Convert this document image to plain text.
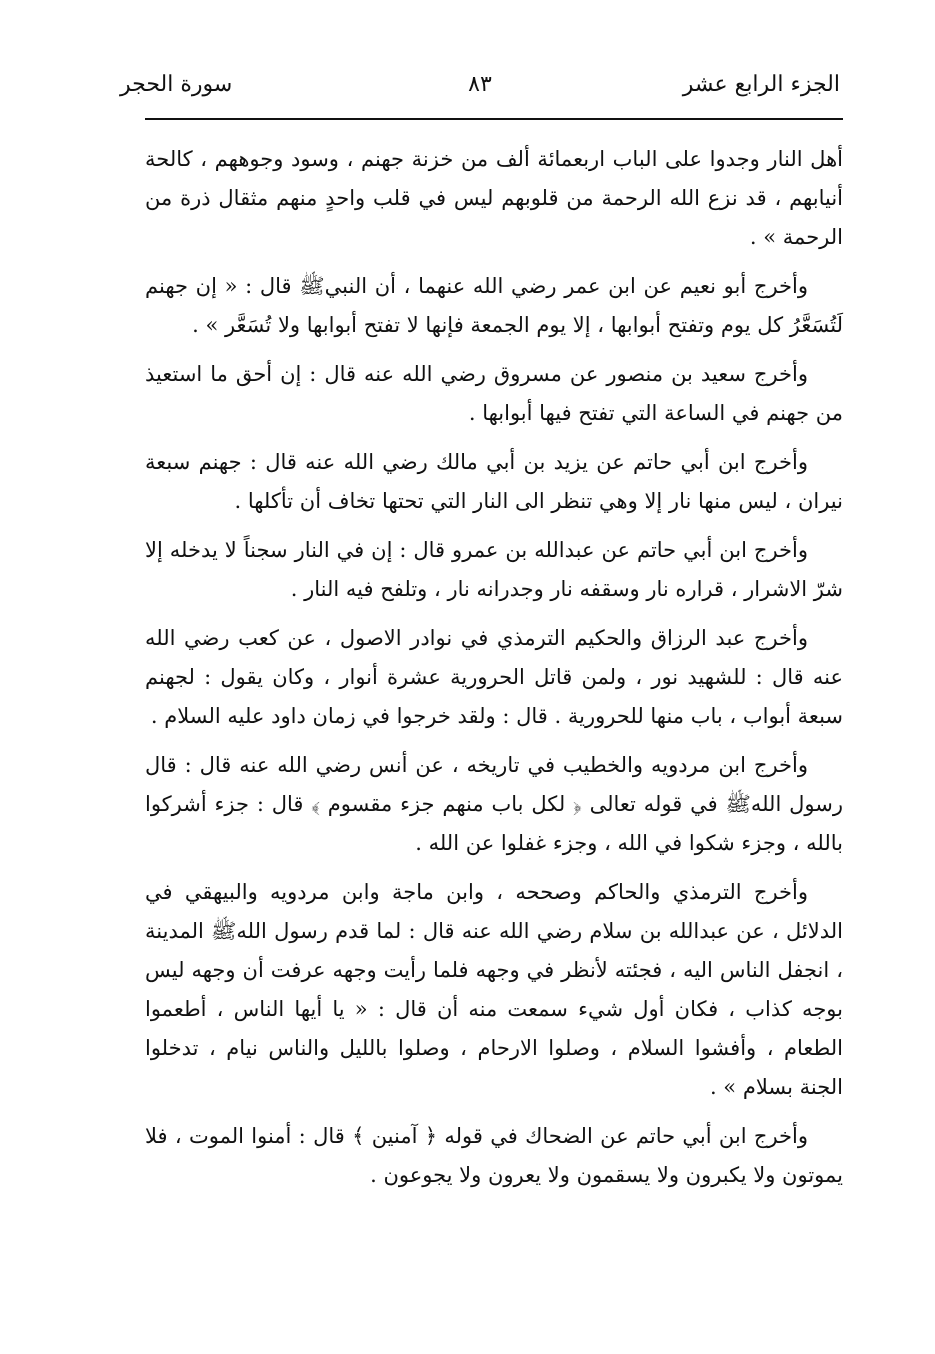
الجزء الرابع عشر
٨٣
سورة الحجر

أهل النار وجدوا على الباب اربعمائة ألف من خزنة جهنم ، وسود وجوههم ، كالحة أنيابهم ، قد نزع الله الرحمة من قلوبهم ليس في قلب واحدٍ منهم مثقال ذرة من الرحمة » .

وأخرج أبو نعيم عن ابن عمر رضي الله عنهما ، أن النبيﷺ قال : « إن جهنم لَتُسَعَّرُ كل يوم وتفتح أبوابها ، إلا يوم الجمعة فإنها لا تفتح أبوابها ولا تُسَعَّر » .

وأخرج سعيد بن منصور عن مسروق رضي الله عنه قال : إن أحق ما استعيذ من جهنم في الساعة التي تفتح فيها أبوابها .

وأخرج ابن أبي حاتم عن يزيد بن أبي مالك رضي الله عنه قال : جهنم سبعة نيران ، ليس منها نار إلا وهي تنظر الى النار التي تحتها تخاف أن تأكلها .

وأخرج ابن أبي حاتم عن عبدالله بن عمرو قال : إن في النار سجناً لا يدخله إلا شرّ الاشرار ، قراره نار وسقفه نار وجدرانه نار ، وتلفح فيه النار .

وأخرج عبد الرزاق والحكيم الترمذي في نوادر الاصول ، عن كعب رضي الله عنه قال : للشهيد نور ، ولمن قاتل الحرورية عشرة أنوار ، وكان يقول : لجهنم سبعة أبواب ، باب منها للحرورية . قال : ولقد خرجوا في زمان داود عليه السلام .

وأخرج ابن مردويه والخطيب في تاريخه ، عن أنس رضي الله عنه قال : قال رسول اللهﷺ في قوله تعالى ﴿ لكل باب منهم جزء مقسوم ﴾ قال : جزء أشركوا بالله ، وجزء شكوا في الله ، وجزء غفلوا عن الله .

وأخرج الترمذي والحاكم وصححه ، وابن ماجة وابن مردويه والبيهقي في الدلائل ، عن عبدالله بن سلام رضي الله عنه قال : لما قدم رسول اللهﷺ المدينة ، انجفل الناس اليه ، فجئته لأنظر في وجهه فلما رأيت وجهه عرفت أن وجهه ليس بوجه كذاب ، فكان أول شيء سمعت منه أن قال : « يا أيها الناس ، أطعموا الطعام ، وأفشوا السلام ، وصلوا الارحام ، وصلوا بالليل والناس نيام ، تدخلوا الجنة بسلام » .

وأخرج ابن أبي حاتم عن الضحاك في قوله ﴿ آمنين ﴾ قال : أمنوا الموت ، فلا يموتون ولا يكبرون ولا يسقمون ولا يعرون ولا يجوعون .
